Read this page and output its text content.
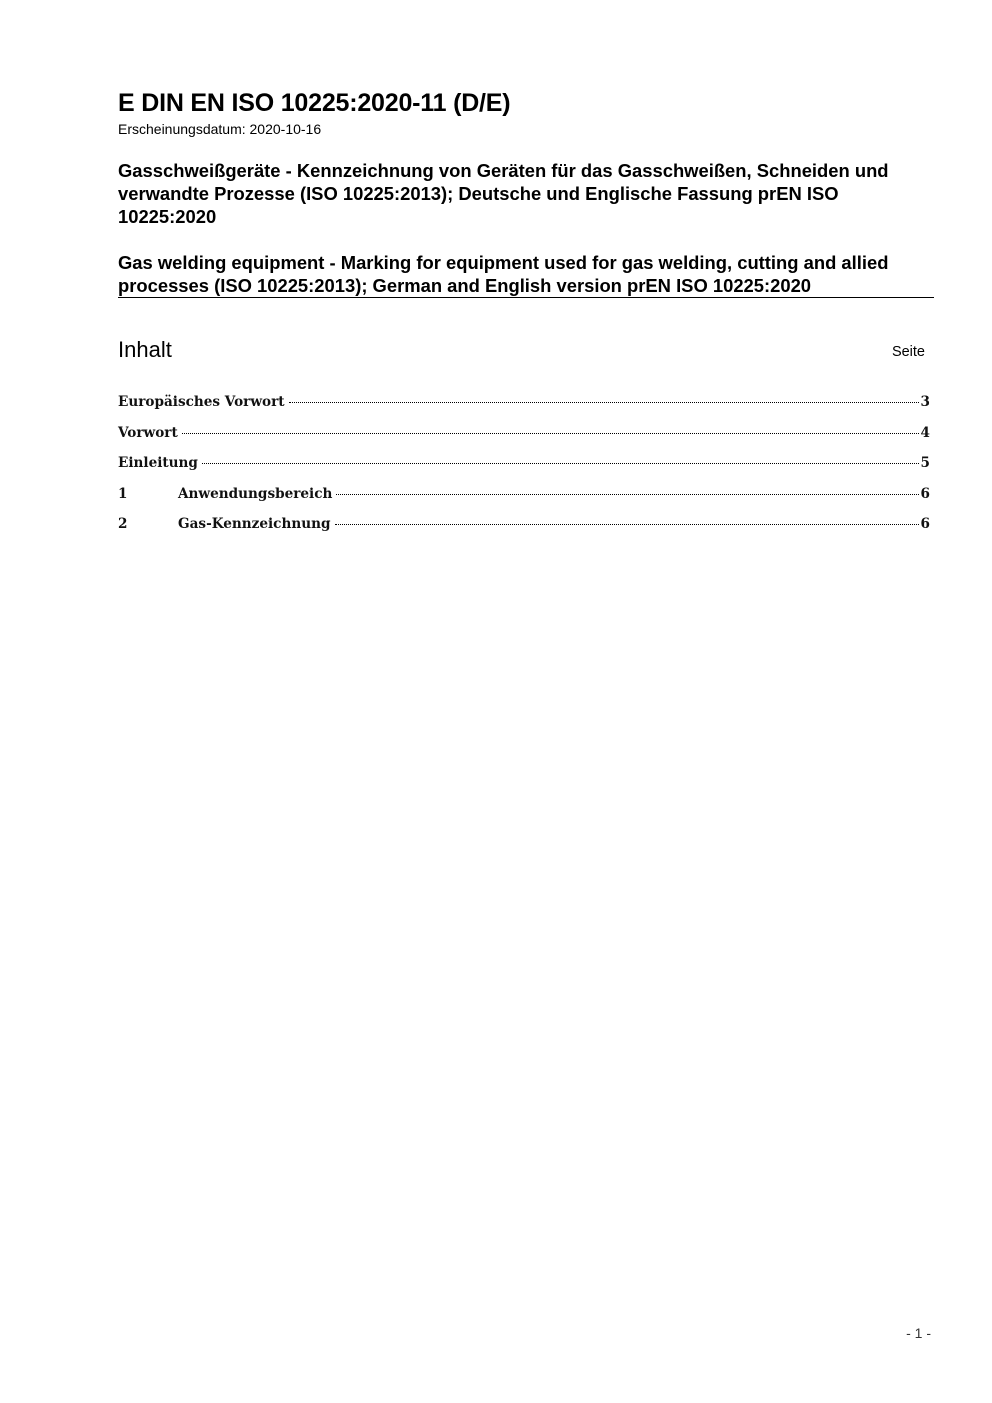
E DIN EN ISO 10225:2020-11 (D/E)
Erscheinungsdatum: 2020-10-16
Gasschweißgeräte - Kennzeichnung von Geräten für das Gasschweißen, Schneiden und verwandte Prozesse (ISO 10225:2013); Deutsche und Englische Fassung prEN ISO 10225:2020
Gas welding equipment - Marking for equipment used for gas welding, cutting and allied processes (ISO 10225:2013); German and English version prEN ISO 10225:2020
Inhalt	Seite
Europäisches Vorwort	3
Vorwort	4
Einleitung	5
1	Anwendungsbereich	6
2	Gas-Kennzeichnung	6
- 1 -
